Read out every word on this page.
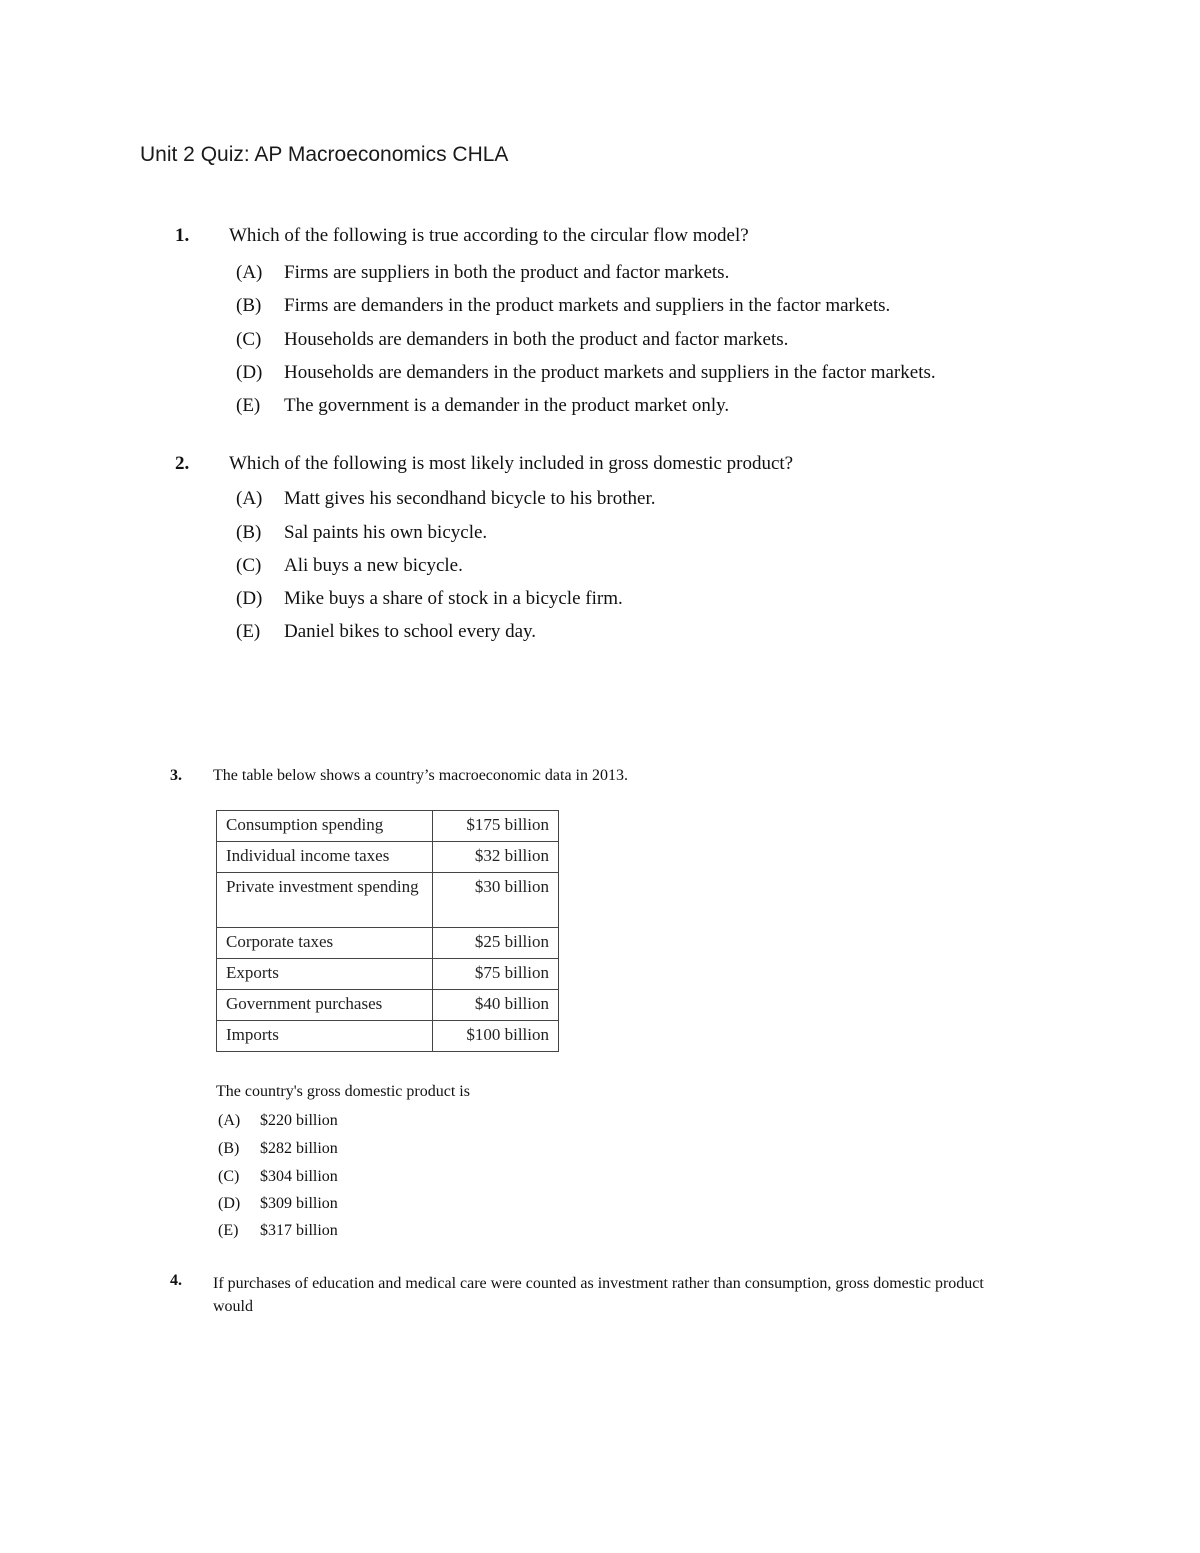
Unit 2 Quiz: AP Macroeconomics CHLA
1. Which of the following is true according to the circular flow model?
(A) Firms are suppliers in both the product and factor markets.
(B) Firms are demanders in the product markets and suppliers in the factor markets.
(C) Households are demanders in both the product and factor markets.
(D) Households are demanders in the product markets and suppliers in the factor markets.
(E) The government is a demander in the product market only.
2. Which of the following is most likely included in gross domestic product?
(A) Matt gives his secondhand bicycle to his brother.
(B) Sal paints his own bicycle.
(C) Ali buys a new bicycle.
(D) Mike buys a share of stock in a bicycle firm.
(E) Daniel bikes to school every day.
3. The table below shows a country’s macroeconomic data in 2013.
Consumption spending	$175 billion
Individual income taxes	$32 billion
Private investment spending	$30 billion
Corporate taxes	$25 billion
Exports	$75 billion
Government purchases	$40 billion
Imports	$100 billion
The country's gross domestic product is
(A) $220 billion
(B) $282 billion
(C) $304 billion
(D) $309 billion
(E) $317 billion
4. If purchases of education and medical care were counted as investment rather than consumption, gross domestic product would
